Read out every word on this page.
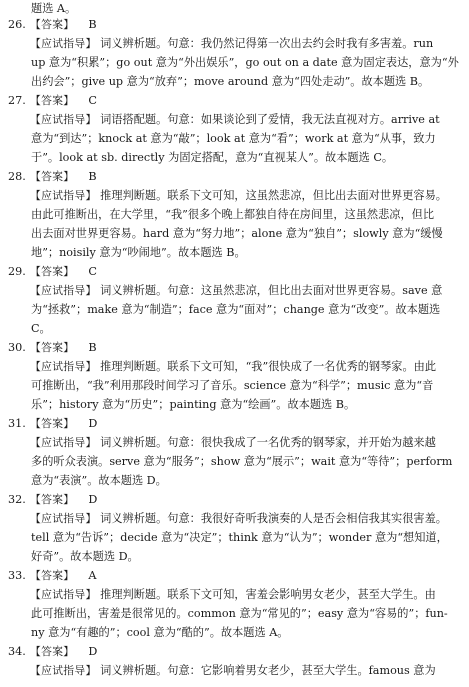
题选 A。
26. 【答案】 B
【应试指导】 词义辨析题。句意：我仍然记得第一次出去约会时我有多害羞。run
up 意为“积累”；go out 意为“外出娱乐”，go out on a date 意为固定表达，意为“外
出约会”；give up 意为“放弃”；move around 意为“四处走动”。故本题选 B。
27. 【答案】 C
【应试指导】 词语搭配题。句意：如果谈论到了爱情，我无法直视对方。arrive at
意为“到达”；knock at 意为“敲”；look at 意为“看”；work at 意为“从事，致力
于”。look at sb. directly 为固定搭配，意为“直视某人”。故本题选 C。
28. 【答案】 B
【应试指导】 推理判断题。联系下文可知，这虽然悲凉，但比出去面对世界更容易。
由此可推断出，在大学里，“我”很多个晚上都独自待在房间里，这虽然悲凉，但比
出去面对世界更容易。hard 意为“努力地”；alone 意为“独自”；slowly 意为“缓慢
地”；noisily 意为“吵闹地”。故本题选 B。
29. 【答案】 C
【应试指导】 词义辨析题。句意：这虽然悲凉，但比出去面对世界更容易。save 意
为“拯救”；make 意为“制造”；face 意为“面对”；change 意为“改变”。故本题选
C。
30. 【答案】 B
【应试指导】 推理判断题。联系下文可知，“我”很快成了一名优秀的钢琴家。由此
可推断出，“我”利用那段时间学习了音乐。science 意为“科学”；music 意为“音
乐”；history 意为“历史”；painting 意为“绘画”。故本题选 B。
31. 【答案】 D
【应试指导】 词义辨析题。句意：很快我成了一名优秀的钢琴家，并开始为越来越
多的听众表演。serve 意为“服务”；show 意为“展示”；wait 意为“等待”；perform
意为“表演”。故本题选 D。
32. 【答案】 D
【应试指导】 词义辨析题。句意：我很好奇听我演奏的人是否会相信我其实很害羞。
tell 意为“告诉”；decide 意为“决定”；think 意为“认为”；wonder 意为“想知道，
好奇”。故本题选 D。
33. 【答案】 A
【应试指导】 推理判断题。联系下文可知，害羞会影响男女老少，甚至大学生。由
此可推断出，害羞是很常见的。common 意为“常见的”；easy 意为“容易的”；fun-
ny 意为“有趣的”；cool 意为“酷的”。故本题选 A。
34. 【答案】 D
【应试指导】 词义辨析题。句意：它影响着男女老少，甚至大学生。famous 意为
